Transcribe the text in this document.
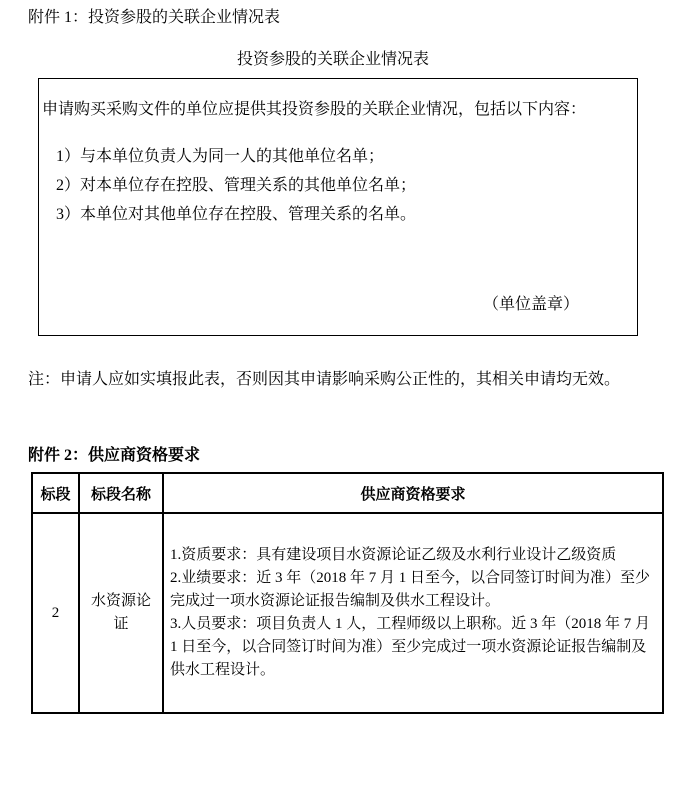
附件 1：投资参股的关联企业情况表
投资参股的关联企业情况表
申请购买采购文件的单位应提供其投资参股的关联企业情况，包括以下内容：
1）与本单位负责人为同一人的其他单位名单；
2）对本单位存在控股、管理关系的其他单位名单；
3）本单位对其他单位存在控股、管理关系的名单。
（单位盖章）
注：申请人应如实填报此表，否则因其申请影响采购公正性的，其相关申请均无效。
附件 2：供应商资格要求
标段	标段名称	供应商资格要求
2	水资源论证	1.资质要求：具有建设项目水资源论证乙级及水利行业设计乙级资质
2.业绩要求：近 3 年（2018 年 7 月 1 日至今，以合同签订时间为准）至少完成过一项水资源论证报告编制及供水工程设计。
3.人员要求：项目负责人 1 人，工程师级以上职称。近 3 年（2018 年 7 月 1 日至今，以合同签订时间为准）至少完成过一项水资源论证报告编制及供水工程设计。
